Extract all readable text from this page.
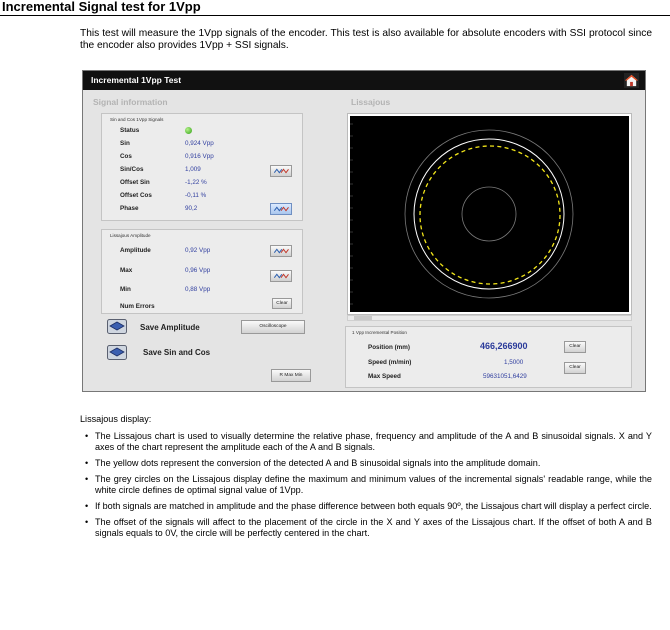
Incremental Signal test for 1Vpp

This test will measure the 1Vpp signals of the encoder. This test is also available for absolute encoders with SSI protocol since the encoder also provides 1Vpp + SSI signals.

Incremental 1Vpp Test
Signal information	Lissajous
Sin and Cos 1Vpp Signals
Status
Sin	0,924 Vpp
Cos	0,916 Vpp
Sin/Cos	1,009
Offset Sin	-1,22 %
Offset Cos	-0,11 %
Phase	90,2
Lissajous Amplitude
Amplitude	0,92 Vpp
Max	0,96 Vpp
Min	0,88 Vpp
Num Errors	Clear
Save Amplitude	Oscilloscope
Save Sin and Cos
R Max Min
1 Vpp Incremental Position
Position (mm)	466,266900	Clear
Speed (m/min)	1,5000
Clear
Max Speed	59631051,6429
Lissajous display:
• The Lissajous chart is used to visually determine the relative phase, frequency and amplitude of the A and B sinusoidal signals. X and Y axes of the chart represent the amplitude each of the A and B signals.
• The yellow dots represent the conversion of the detected A and B sinusoidal signals into the amplitude domain.
• The grey circles on the Lissajous display define the maximum and minimum values of the incremental signals' readable range, while the white circle defines de optimal signal value of 1Vpp.
• If both signals are matched in amplitude and the phase difference between both equals 90º, the Lissajous chart will display a perfect circle.
• The offset of the signals will affect to the placement of the circle in the X and Y axes of the Lissajous chart. If the offset of both A and B signals equals to 0V, the circle will be perfectly centered in the chart.
